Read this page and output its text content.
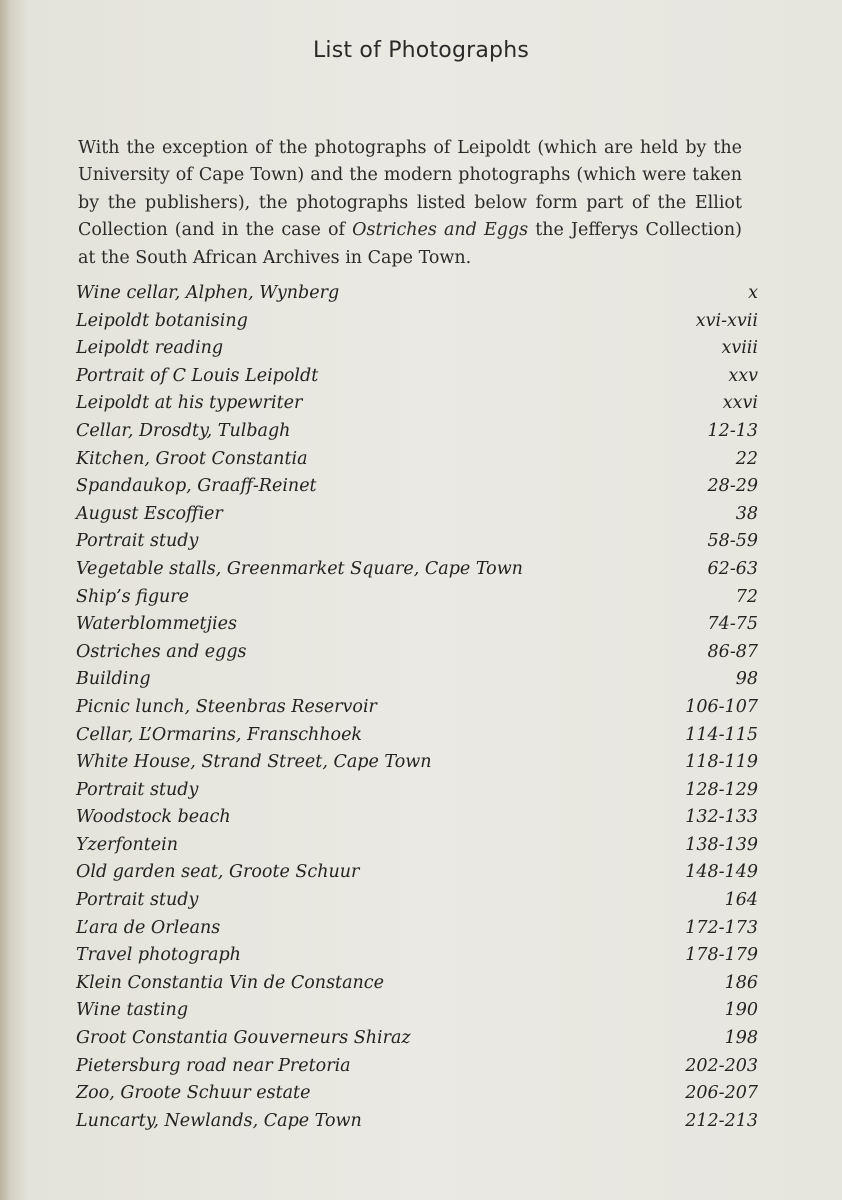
List of Photographs

With the exception of the photographs of Leipoldt (which are held by the University of Cape Town) and the modern photographs (which were taken by the publishers), the photographs listed below form part of the Elliot Collection (and in the case of Ostriches and Eggs the Jefferys Collection) at the South African Archives in Cape Town.

Wine cellar, Alphen, Wynberg	x
Leipoldt botanising	xvi-xvii
Leipoldt reading	xviii
Portrait of C Louis Leipoldt	xxv
Leipoldt at his typewriter	xxvi
Cellar, Drosdty, Tulbagh	12-13
Kitchen, Groot Constantia	22
Spandaukop, Graaff-Reinet	28-29
August Escoffier	38
Portrait study	58-59
Vegetable stalls, Greenmarket Square, Cape Town	62-63
Ship’s figure	72
Waterblommetjies	74-75
Ostriches and eggs	86-87
Building	98
Picnic lunch, Steenbras Reservoir	106-107
Cellar, L’Ormarins, Franschhoek	114-115
White House, Strand Street, Cape Town	118-119
Portrait study	128-129
Woodstock beach	132-133
Yzerfontein	138-139
Old garden seat, Groote Schuur	148-149
Portrait study	164
L’ara de Orleans	172-173
Travel photograph	178-179
Klein Constantia Vin de Constance	186
Wine tasting	190
Groot Constantia Gouverneurs Shiraz	198
Pietersburg road near Pretoria	202-203
Zoo, Groote Schuur estate	206-207
Luncarty, Newlands, Cape Town	212-213
